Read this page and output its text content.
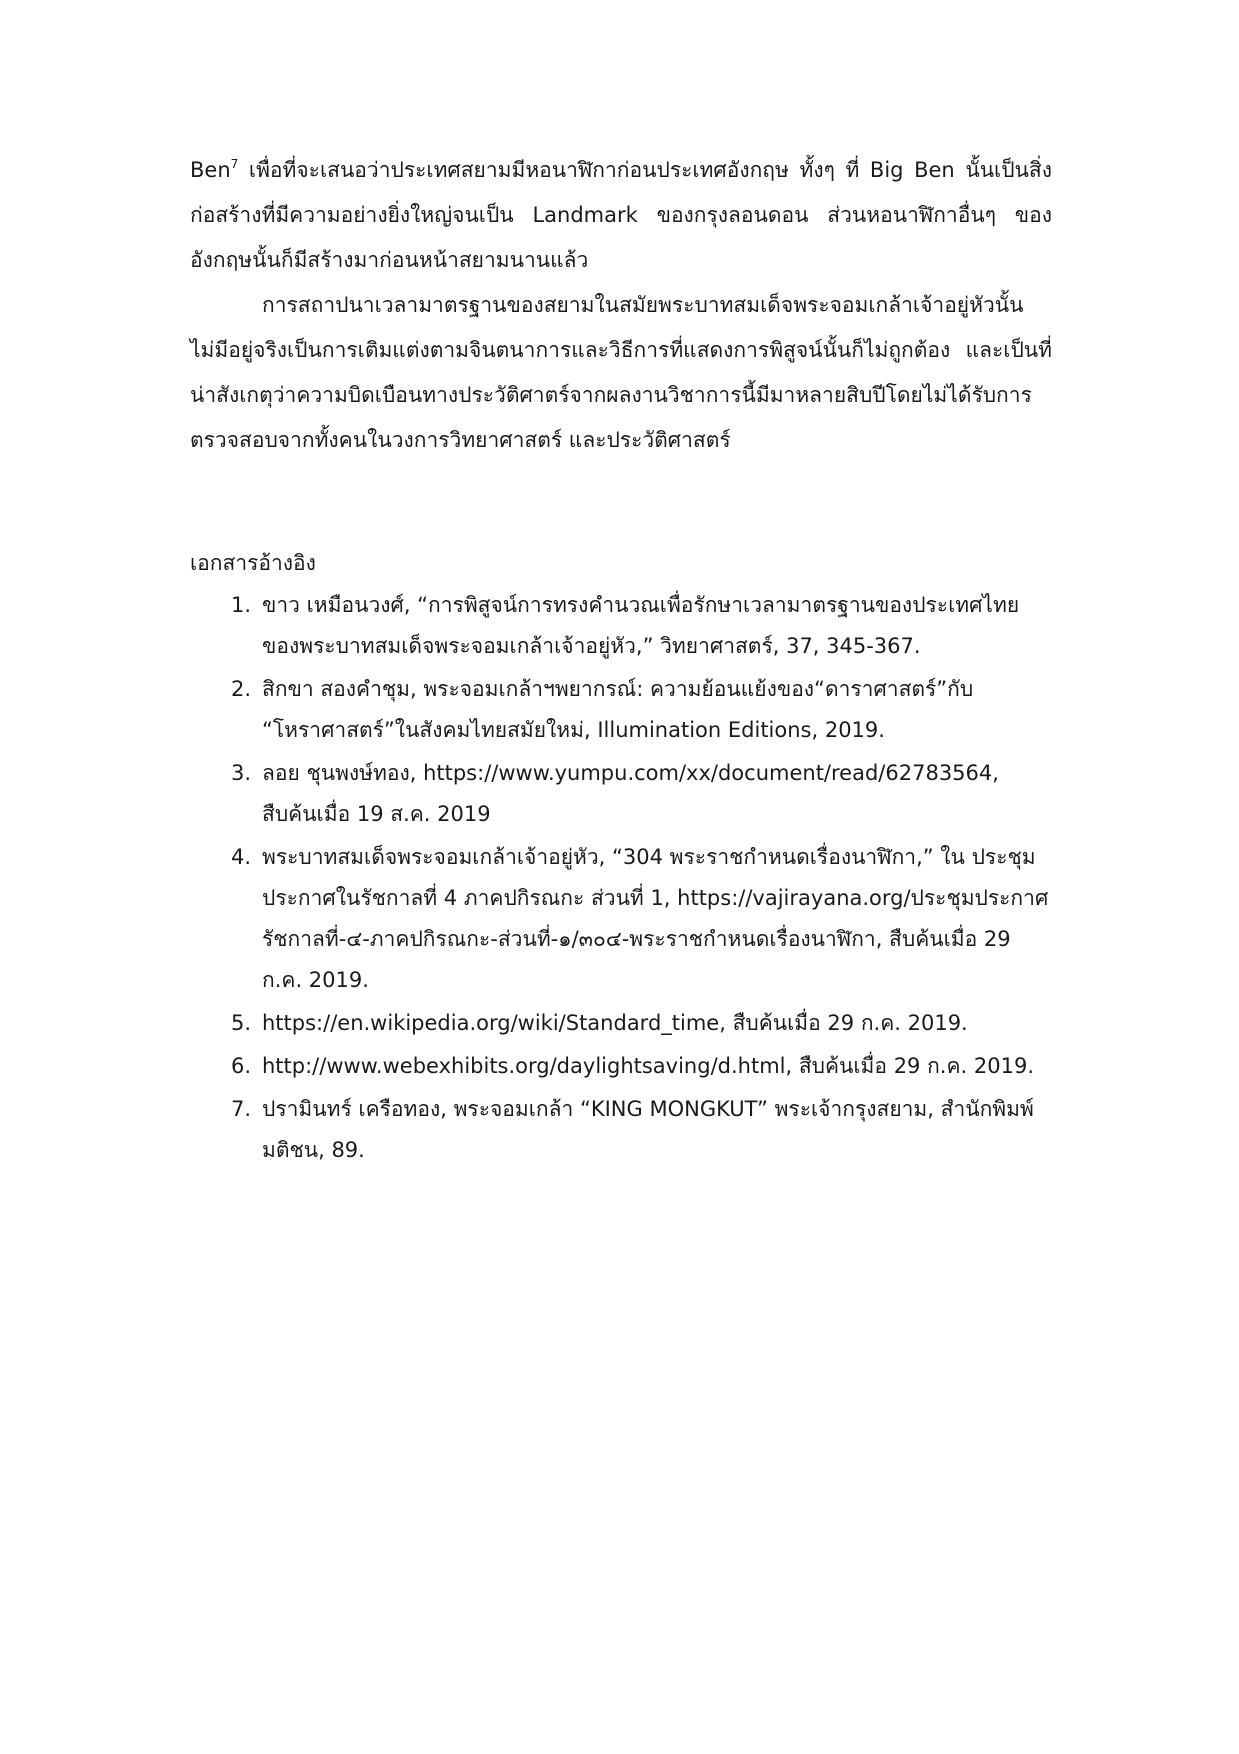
Ben$^7$ เพื่อที่จะเสนอว่าประเทศสยามมีหอนาฬิกาก่อนประเทศอังกฤษ ทั้งๆ ที่ Big Ben นั้นเป็นสิ่งก่อสร้างที่มีความอย่างยิ่งใหญ่จนเป็น Landmark ของกรุงลอนดอน ส่วนหอนาฬิกาอื่นๆ ของอังกฤษนั้นก็มีสร้างมาก่อนหน้าสยามนานแล้ว

การสถาปนาเวลามาตรฐานของสยามในสมัยพระบาทสมเด็จพระจอมเกล้าเจ้าอยู่หัวนั้นไม่มีอยู่จริงเป็นการเติมแต่งตามจินตนาการและวิธีการที่แสดงการพิสูจน์นั้นก็ไม่ถูกต้อง และเป็นที่น่าสังเกตุว่าความบิดเบือนทางประวัติศาตร์จากผลงานวิชาการนี้มีมาหลายสิบปีโดยไม่ได้รับการตรวจสอบจากทั้งคนในวงการวิทยาศาสตร์ และประวัติศาสตร์

เอกสารอ้างอิง

1. ขาว เหมือนวงศ์, “การพิสูจน์การทรงคำนวณเพื่อรักษาเวลามาตรฐานของประเทศไทยของพระบาทสมเด็จพระจอมเกล้าเจ้าอยู่หัว,” วิทยาศาสตร์, 37, 345-367.
2. สิกขา สองคำชุม, พระจอมเกล้าฯพยากรณ์: ความย้อนแย้งของ“ดาราศาสตร์”กับ “โหราศาสตร์”ในสังคมไทยสมัยใหม่, Illumination Editions, 2019.
3. ลอย ชุนพงษ์ทอง, https://www.yumpu.com/xx/document/read/62783564, สืบค้นเมื่อ 19 ส.ค. 2019
4. พระบาทสมเด็จพระจอมเกล้าเจ้าอยู่หัว, “304 พระราชกำหนดเรื่องนาฬิกา,” ใน ประชุมประกาศในรัชกาลที่ 4 ภาคปกิรณกะ ส่วนที่ 1, https://vajirayana.org/ประชุมประกาศรัชกาลที่-๔-ภาคปกิรณกะ-ส่วนที่-๑/๓๐๔-พระราชกำหนดเรื่องนาฬิกา, สืบค้นเมื่อ 29 ก.ค. 2019.
5. https://en.wikipedia.org/wiki/Standard_time, สืบค้นเมื่อ 29 ก.ค. 2019.
6. http://www.webexhibits.org/daylightsaving/d.html, สืบค้นเมื่อ 29 ก.ค. 2019.
7. ปรามินทร์ เครือทอง, พระจอมเกล้า “KING MONGKUT” พระเจ้ากรุงสยาม, สำนักพิมพ์มติชน, 89.
